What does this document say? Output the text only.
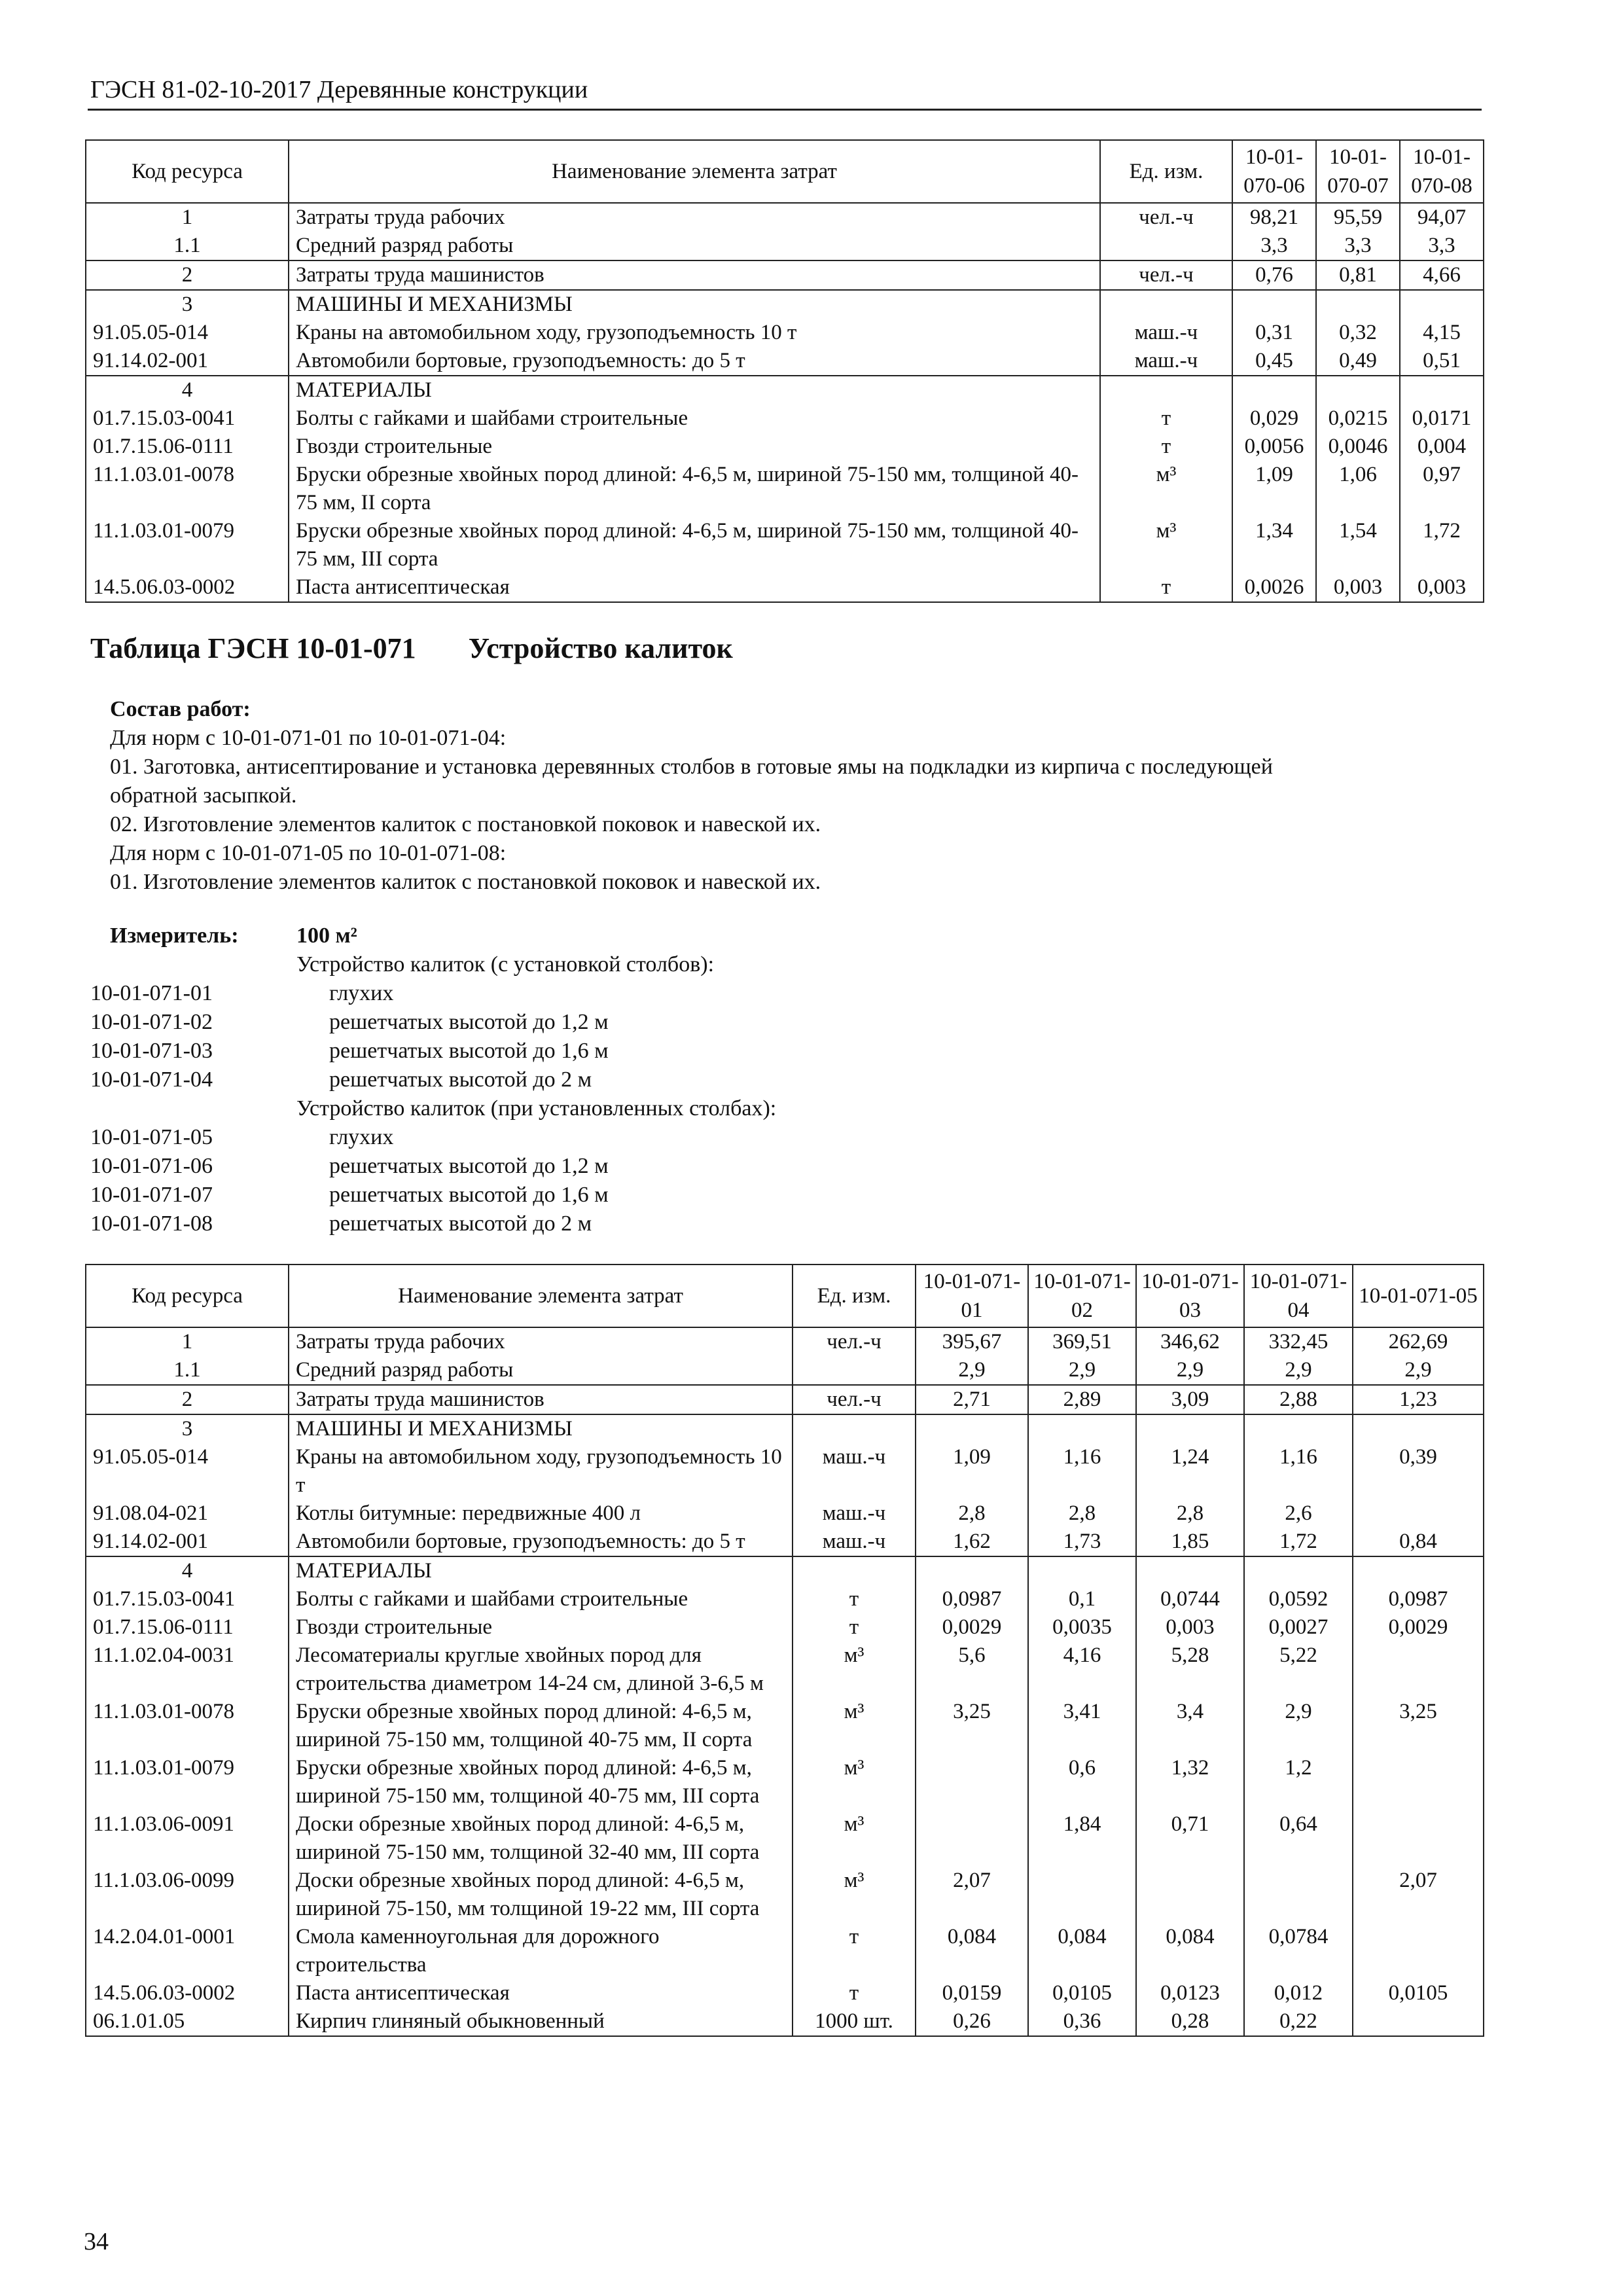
ГЭСН 81-02-10-2017 Деревянные конструкции
Код ресурса	Наименование элемента затрат	Ед. изм.	10-01-070-06	10-01-070-07	10-01-070-08
1	Затраты труда рабочих	чел.-ч	98,21	95,59	94,07
1.1	Средний разряд работы		3,3	3,3	3,3
2	Затраты труда машинистов	чел.-ч	0,76	0,81	4,66
3	МАШИНЫ И МЕХАНИЗМЫ				
91.05.05-014	Краны на автомобильном ходу, грузоподъемность 10 т	маш.-ч	0,31	0,32	4,15
91.14.02-001	Автомобили бортовые, грузоподъемность: до 5 т	маш.-ч	0,45	0,49	0,51
4	МАТЕРИАЛЫ				
01.7.15.03-0041	Болты с гайками и шайбами строительные	т	0,029	0,0215	0,0171
01.7.15.06-0111	Гвозди строительные	т	0,0056	0,0046	0,004
11.1.03.01-0078	Бруски обрезные хвойных пород длиной: 4-6,5 м, шириной 75-150 мм, толщиной 40-75 мм, II сорта	м³	1,09	1,06	0,97
11.1.03.01-0079	Бруски обрезные хвойных пород длиной: 4-6,5 м, шириной 75-150 мм, толщиной 40-75 мм, III сорта	м³	1,34	1,54	1,72
14.5.06.03-0002	Паста антисептическая	т	0,0026	0,003	0,003
Таблица ГЭСН 10-01-071 Устройство калиток
Состав работ:
Для норм с 10-01-071-01 по 10-01-071-04:
01. Заготовка, антисептирование и установка деревянных столбов в готовые ямы на подкладки из кирпича с последующей
обратной засыпкой.
02. Изготовление элементов калиток с постановкой поковок и навеской их.
Для норм с 10-01-071-05 по 10-01-071-08:
01. Изготовление элементов калиток с постановкой поковок и навеской их.
Измеритель:	100 м²
Устройство калиток (с установкой столбов):
10-01-071-01	глухих
10-01-071-02	решетчатых высотой до 1,2 м
10-01-071-03	решетчатых высотой до 1,6 м
10-01-071-04	решетчатых высотой до 2 м
Устройство калиток (при установленных столбах):
10-01-071-05	глухих
10-01-071-06	решетчатых высотой до 1,2 м
10-01-071-07	решетчатых высотой до 1,6 м
10-01-071-08	решетчатых высотой до 2 м
Код ресурса	Наименование элемента затрат	Ед. изм.	10-01-071-01	10-01-071-02	10-01-071-03	10-01-071-04	10-01-071-05
1	Затраты труда рабочих	чел.-ч	395,67	369,51	346,62	332,45	262,69
1.1	Средний разряд работы		2,9	2,9	2,9	2,9	2,9
2	Затраты труда машинистов	чел.-ч	2,71	2,89	3,09	2,88	1,23
3	МАШИНЫ И МЕХАНИЗМЫ						
91.05.05-014	Краны на автомобильном ходу, грузоподъемность 10 т	маш.-ч	1,09	1,16	1,24	1,16	0,39
91.08.04-021	Котлы битумные: передвижные 400 л	маш.-ч	2,8	2,8	2,8	2,6	
91.14.02-001	Автомобили бортовые, грузоподъемность: до 5 т	маш.-ч	1,62	1,73	1,85	1,72	0,84
4	МАТЕРИАЛЫ						
01.7.15.03-0041	Болты с гайками и шайбами строительные	т	0,0987	0,1	0,0744	0,0592	0,0987
01.7.15.06-0111	Гвозди строительные	т	0,0029	0,0035	0,003	0,0027	0,0029
11.1.02.04-0031	Лесоматериалы круглые хвойных пород для строительства диаметром 14-24 см, длиной 3-6,5 м	м³	5,6	4,16	5,28	5,22	
11.1.03.01-0078	Бруски обрезные хвойных пород длиной: 4-6,5 м, шириной 75-150 мм, толщиной 40-75 мм, II сорта	м³	3,25	3,41	3,4	2,9	3,25
11.1.03.01-0079	Бруски обрезные хвойных пород длиной: 4-6,5 м, шириной 75-150 мм, толщиной 40-75 мм, III сорта	м³		0,6	1,32	1,2	
11.1.03.06-0091	Доски обрезные хвойных пород длиной: 4-6,5 м, шириной 75-150 мм, толщиной 32-40 мм, III сорта	м³		1,84	0,71	0,64	
11.1.03.06-0099	Доски обрезные хвойных пород длиной: 4-6,5 м, шириной 75-150, мм толщиной 19-22 мм, III сорта	м³	2,07				2,07
14.2.04.01-0001	Смола каменноугольная для дорожного строительства	т	0,084	0,084	0,084	0,0784	
14.5.06.03-0002	Паста антисептическая	т	0,0159	0,0105	0,0123	0,012	0,0105
06.1.01.05	Кирпич глиняный обыкновенный	1000 шт.	0,26	0,36	0,28	0,22	
34
